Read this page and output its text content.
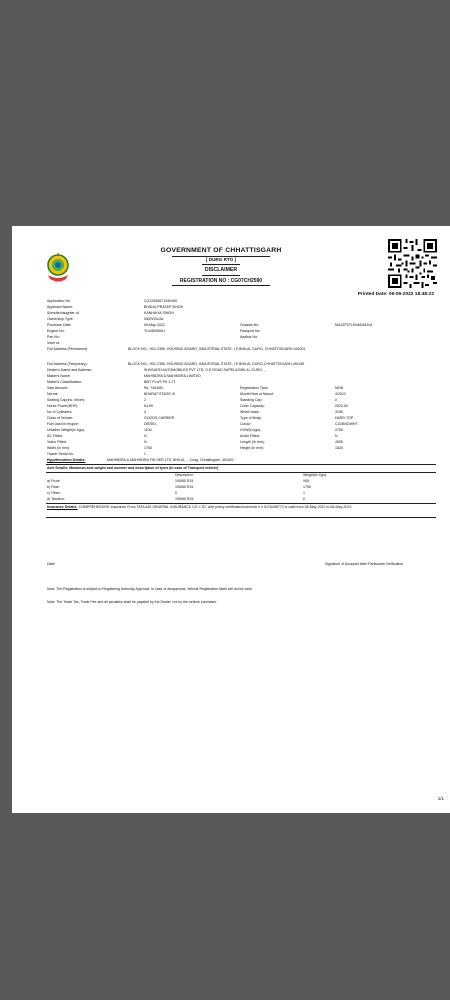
GOVERNMENT OF CHHATTISGARH
[ DURG RTO ]
DISCLAIMER
REGISTRATION NO : CG07CH2590
Printed Date: 06-05-2022 18:48:22
Application No:	CG22050671349405
Applicant Name:	BHANU PRATAP SINGH
Sonwife/daughter of:	KANHAIYA SINGH
Ownership Type:	INDIVIDUAL
Purchase Date:	06-May-2022	Chassis No:	MA1ZP2TLKN6D46104
Engine No:	TLN4D90001	Passport No:
Pan No:	Aadhar No:
Voter Id:
Full Address (Permanent):	BLOCK NO:- HIG-2355, HOUSING BOARD, INDUSTRIAL STATE, I E BHILAI, DURG, CHHATTISGARH-491001
Full Address (Temporary):	BLOCK NO:- HIG-2355, HOUSING BOARD, INDUSTRIAL STATE, I E BHILAI, DURG-CHHATTISGARH-491001
Dealer's Name and Address:	SHIVNATH AUTOMOBILES PVT LTD, G.E ROAD SUPELA BHILAI, DURG, , ,
Maker's Name:	MAHINDRA & MAHINDRA LIMITED
Maker's Classification:	BMT PLUS PS 1.2T
Sale Amount:	Rs. 740400/-	Registration Type:	NEW
Norms:	BHARAT STAGE VI	Month/Year of Manuf:	4/2022
Seating Cap(inc. driver):	2	Standing Cap:	0
Horse Power(BHP):	64.99	Cubic Capacity:	2523.00
No of Cylinders:	4	Wheel base:	3150
Class of Vehicle:	GOODS CARRIER	Type of Body:	HARD TOP
Fuel used in engine:	DIESEL	Colour:	C1DBNDWHT
Unladen Weight(in kgs):	1100	GVW(in kgs):	2700
AC Fitted:	N	Audio Fitted:	N
Video Fitted:	N	Length (in mm):	4905
Width (in mm):	1700	Height (in mm):	1820
Owner Serial No:	1
Hypothecation Details:	MAHINDRA & MAHINDRA FIN SER LTD, BHILAI, , , Durg, Chhattisgarh, 491001
Axle Details: Maximum axle weight and number and description of tyres (In case of Transport vehicle)
Description:	Weight(in Kgs):
a) Front:	195/80 R15	945
b) Rear:	195/80 R15	1755
c) Other:	0	1
d) Tandem:	195/80 R15	0
Insurance Details: COMPREHENSIVE Insurance From TATA AIG GENERAL INSURANCE CO. LTD. vide policy certificate/covernote n o 0176405772 is valid from 06-May-2022 to 06-May-2023
Date:	Signature of Acceptor After Particulars Verification
Note: The Registration is subject to Registering Authority Approval. In case of disapproval, Vehicle Registration Mark will not be valid.
Note: The Trade Tax, Trade Fee and all penalties shall be payable by the Dealer, not by the vehicle purchaser.
1/1
